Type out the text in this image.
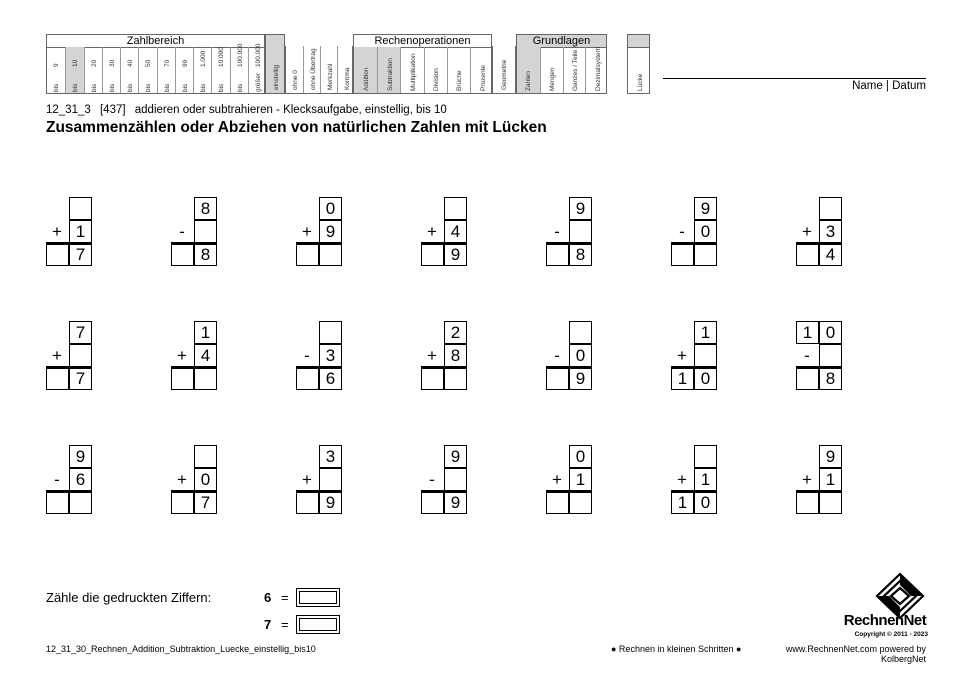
Zahlbereich
9
bis
10
bis
20
bis
30
bis
40
bis
50
bis
70
bis
99
bis
1.000
bis
10.000
bis
100.000
bis
100.000
größer einstellig ohne 0 ohne Übertrag Merkzahl Komma
Rechenoperationen
Addition	Subtraktion Multiplikation Division Brüche Prozente Geometrie
Grundlagen
Zahlen	Mengen Ganzes / Teile Dezimalsystem	Lücke	Name | Datum
12_31_3 [437] addieren oder subtrahieren - Klecksaufgabe, einstellig, bis 10
Zusammenzählen oder Abziehen von natürlichen Zahlen mit Lücken
1
7
+
8
8
-
0
9
+	4
9
+
9
8
-
9
0
-	3
4
+
7
7
+
1
4
+	3
6
-
2
8
+	0
9
-
1
1 0
+
1 0
8
-
9
6
-	0
7
+
3
9
+
9
9
-
0
1
+	1
1 0
+
9
1
+
Zähle die gedruckten Ziffern:	6 =
7 =	RechnenNet
Copyright © 2011 - 2023
12_31_30_Rechnen_Addition_Subtraktion_Luecke_einstellig_bis10	● Rechnen in kleinen Schritten ●	www.RechnenNet.com powered by KolbergNet
